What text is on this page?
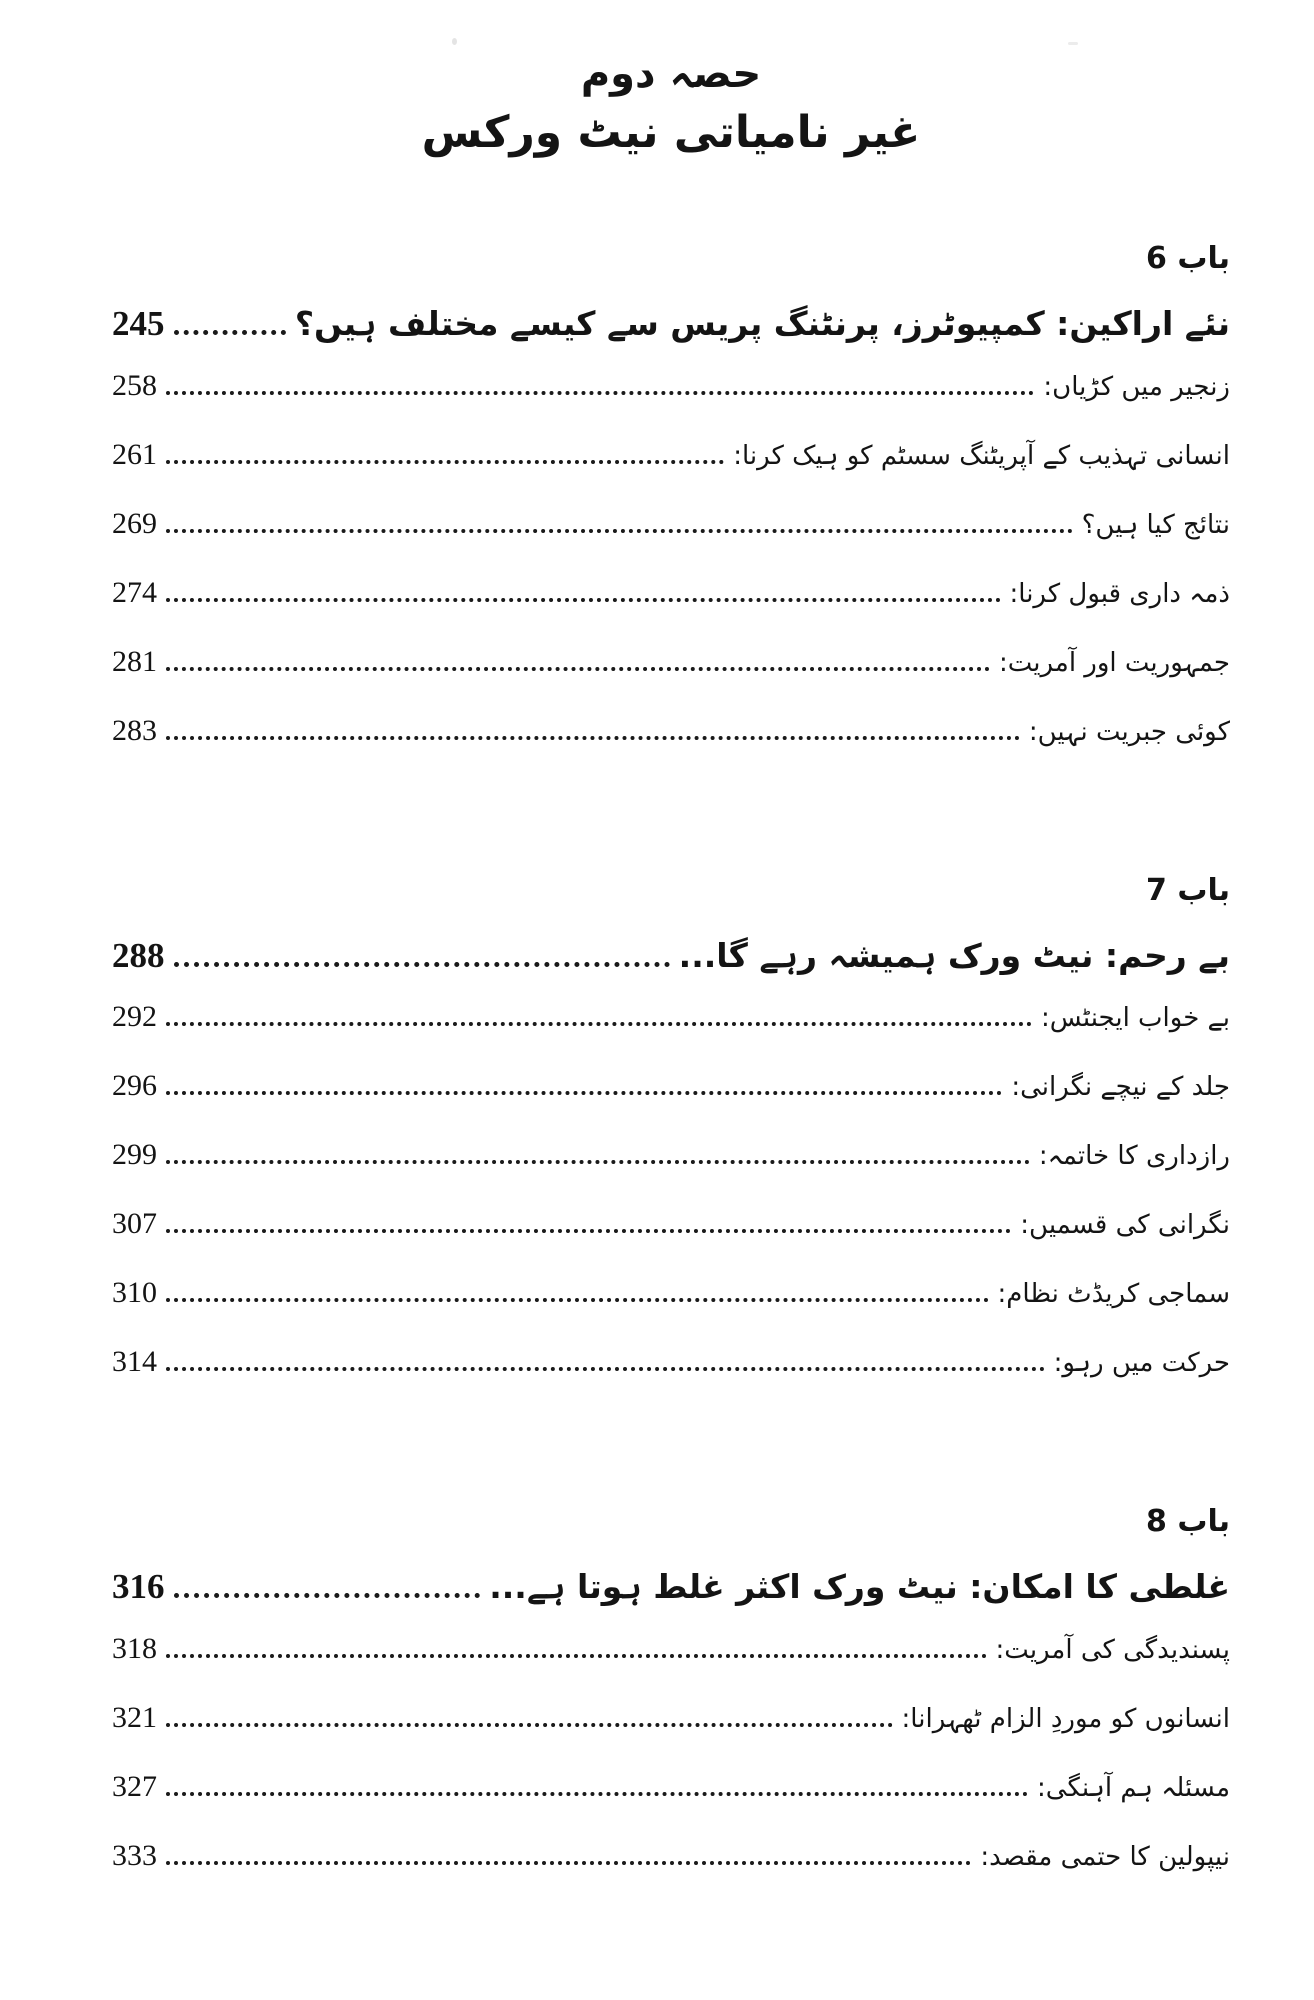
حصہ دوم
غیر نامیاتی نیٹ ورکس
باب 6
نئے اراکین: کمپیوٹرز، پرنٹنگ پریس سے کیسے مختلف ہیں؟
245
زنجیر میں کڑیاں:
258
انسانی تہذیب کے آپریٹنگ سسٹم کو ہیک کرنا:
261
نتائج کیا ہیں؟
269
ذمہ داری قبول کرنا:
274
جمہوریت اور آمریت:
281
کوئی جبریت نہیں:
283
باب 7
بے رحم: نیٹ ورک ہمیشہ رہے گا...
288
بے خواب ایجنٹس:
292
جلد کے نیچے نگرانی:
296
رازداری کا خاتمہ:
299
نگرانی کی قسمیں:
307
سماجی کریڈٹ نظام:
310
حرکت میں رہو:
314
باب 8
غلطی کا امکان: نیٹ ورک اکثر غلط ہوتا ہے...
316
پسندیدگی کی آمریت:
318
انسانوں کو موردِ الزام ٹھہرانا:
321
مسئلہ ہم آہنگی:
327
نیپولین کا حتمی مقصد:
333
